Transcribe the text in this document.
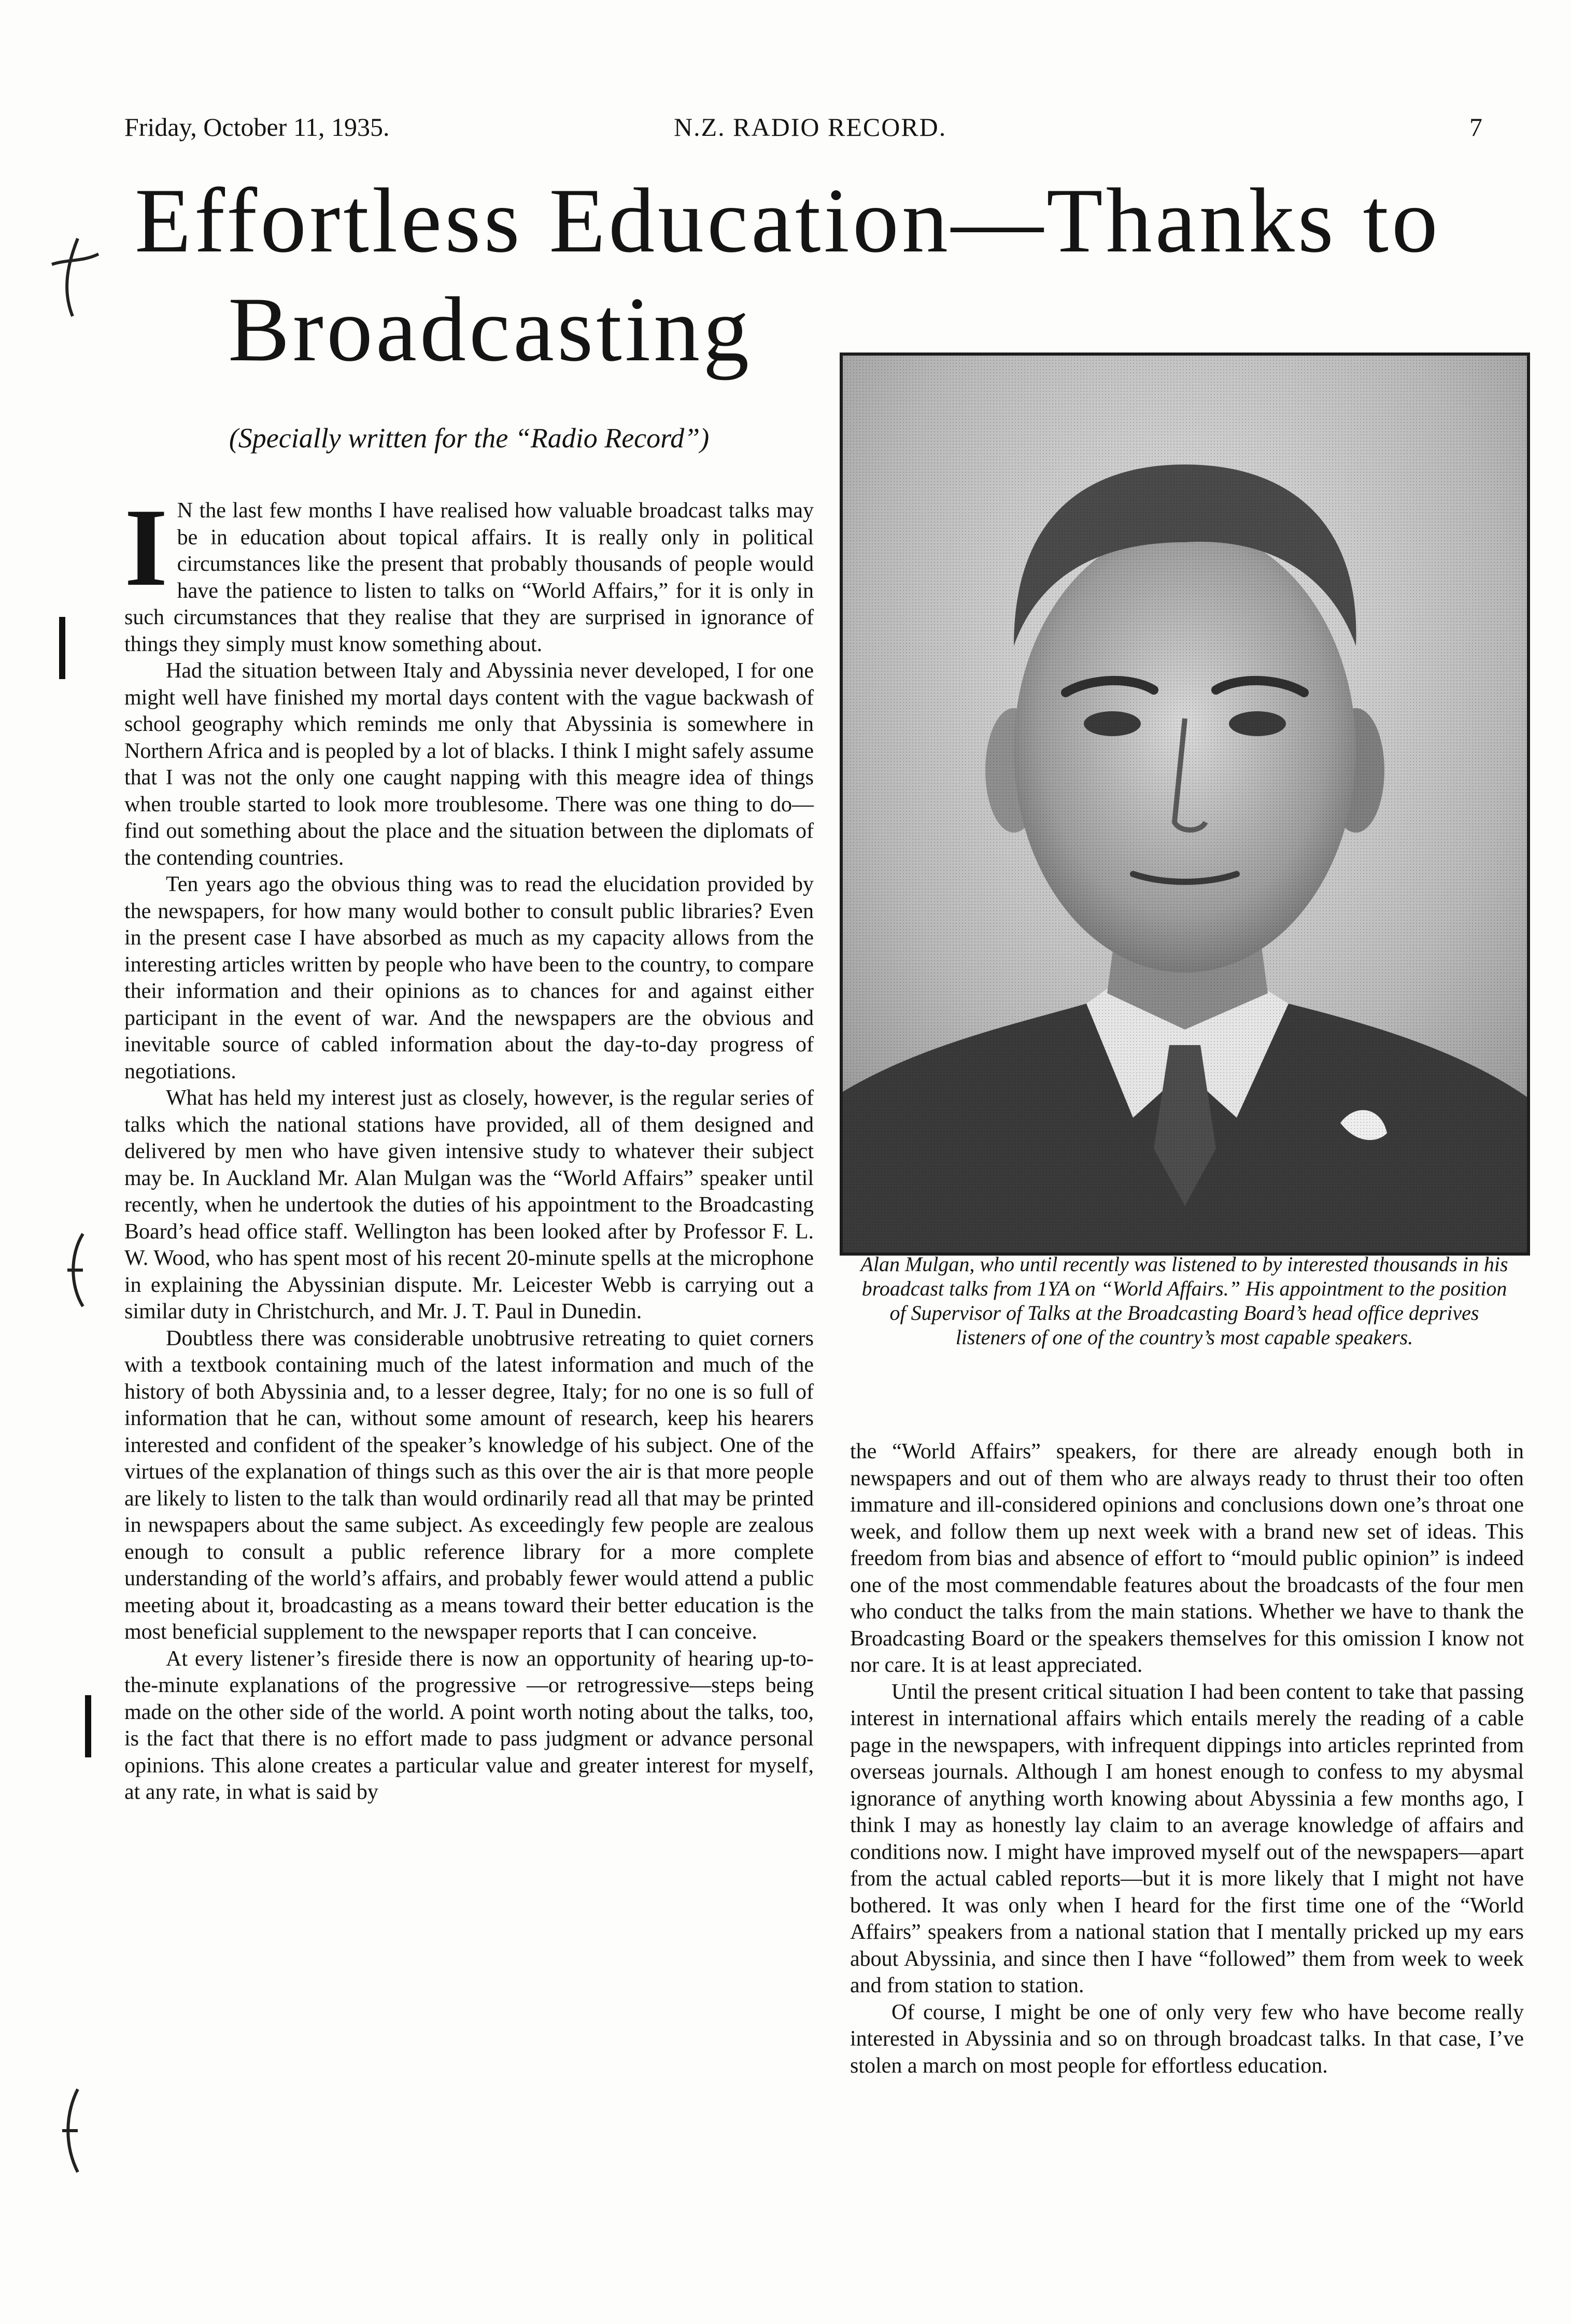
Friday, October 11, 1935.	N.Z. RADIO RECORD.	7
Effortless Education—Thanks to
Broadcasting
(Specially written for the “Radio Record”)

I N the last few months I have realised how valuable broadcast talks may be in education about topical affairs. It is really only in political circumstances like the present that probably thousands of people would have the patience to listen to talks on “World Affairs,” for it is only in such circumstances that they realise that they are surprised in ignorance of things they simply must know something about.

Had the situation between Italy and Abyssinia never developed, I for one might well have finished my mortal days content with the vague backwash of school geography which reminds me only that Abyssinia is somewhere in Northern Africa and is peopled by a lot of blacks. I think I might safely assume that I was not the only one caught napping with this meagre idea of things when trouble started to look more troublesome. There was one thing to do—find out something about the place and the situation between the diplomats of the contending countries.

Ten years ago the obvious thing was to read the elucidation provided by the newspapers, for how many would bother to consult public libraries? Even in the present case I have absorbed as much as my capacity allows from the interesting articles written by people who have been to the country, to compare their information and their opinions as to chances for and against either participant in the event of war. And the newspapers are the obvious and inevitable source of cabled information about the day-to-day progress of negotiations.

What has held my interest just as closely, however, is the regular series of talks which the national stations have provided, all of them designed and delivered by men who have given intensive study to whatever their subject may be. In Auckland Mr. Alan Mulgan was the “World Affairs” speaker until recently, when he undertook the duties of his appointment to the Broadcasting Board’s head office staff. Wellington has been looked after by Professor F. L. W. Wood, who has spent most of his recent 20-minute spells at the microphone in explaining the Abyssinian dispute. Mr. Leicester Webb is carrying out a similar duty in Christchurch, and Mr. J. T. Paul in Dunedin.

Doubtless there was considerable unobtrusive retreating to quiet corners with a textbook containing much of the latest information and much of the history of both Abyssinia and, to a lesser degree, Italy; for no one is so full of information that he can, without some amount of research, keep his hearers interested and confident of the speaker’s knowledge of his subject. One of the virtues of the explanation of things such as this over the air is that more people are likely to listen to the talk than would ordinarily read all that may be printed in newspapers about the same subject. As exceedingly few people are zealous enough to consult a public reference library for a more complete understanding of the world’s affairs, and probably fewer would attend a public meeting about it, broadcasting as a means toward their better education is the most beneficial supplement to the newspaper reports that I can conceive.

At every listener’s fireside there is now an opportunity of hearing up-to-the-minute explanations of the progressive —or retrogressive—steps being made on the other side of the world. A point worth noting about the talks, too, is the fact that there is no effort made to pass judgment or advance personal opinions. This alone creates a particular value and greater interest for myself, at any rate, in what is said by

Alan Mulgan, who until recently was listened to by interested thousands in his broadcast talks from 1YA on “World Affairs.” His appointment to the position of Supervisor of Talks at the Broadcasting Board’s head office deprives listeners of one of the country’s most capable speakers.

the “World Affairs” speakers, for there are already enough both in newspapers and out of them who are always ready to thrust their too often immature and ill-considered opinions and conclusions down one’s throat one week, and follow them up next week with a brand new set of ideas. This freedom from bias and absence of effort to “mould public opinion” is indeed one of the most commendable features about the broadcasts of the four men who conduct the talks from the main stations. Whether we have to thank the Broadcasting Board or the speakers themselves for this omission I know not nor care. It is at least appreciated.

Until the present critical situation I had been content to take that passing interest in international affairs which entails merely the reading of a cable page in the newspapers, with infrequent dippings into articles reprinted from overseas journals. Although I am honest enough to confess to my abysmal ignorance of anything worth knowing about Abyssinia a few months ago, I think I may as honestly lay claim to an average knowledge of affairs and conditions now. I might have improved myself out of the newspapers—apart from the actual cabled reports—but it is more likely that I might not have bothered. It was only when I heard for the first time one of the “World Affairs” speakers from a national station that I mentally pricked up my ears about Abyssinia, and since then I have “followed” them from week to week and from station to station.

Of course, I might be one of only very few who have become really interested in Abyssinia and so on through broadcast talks. In that case, I’ve stolen a march on most people for effortless education.
